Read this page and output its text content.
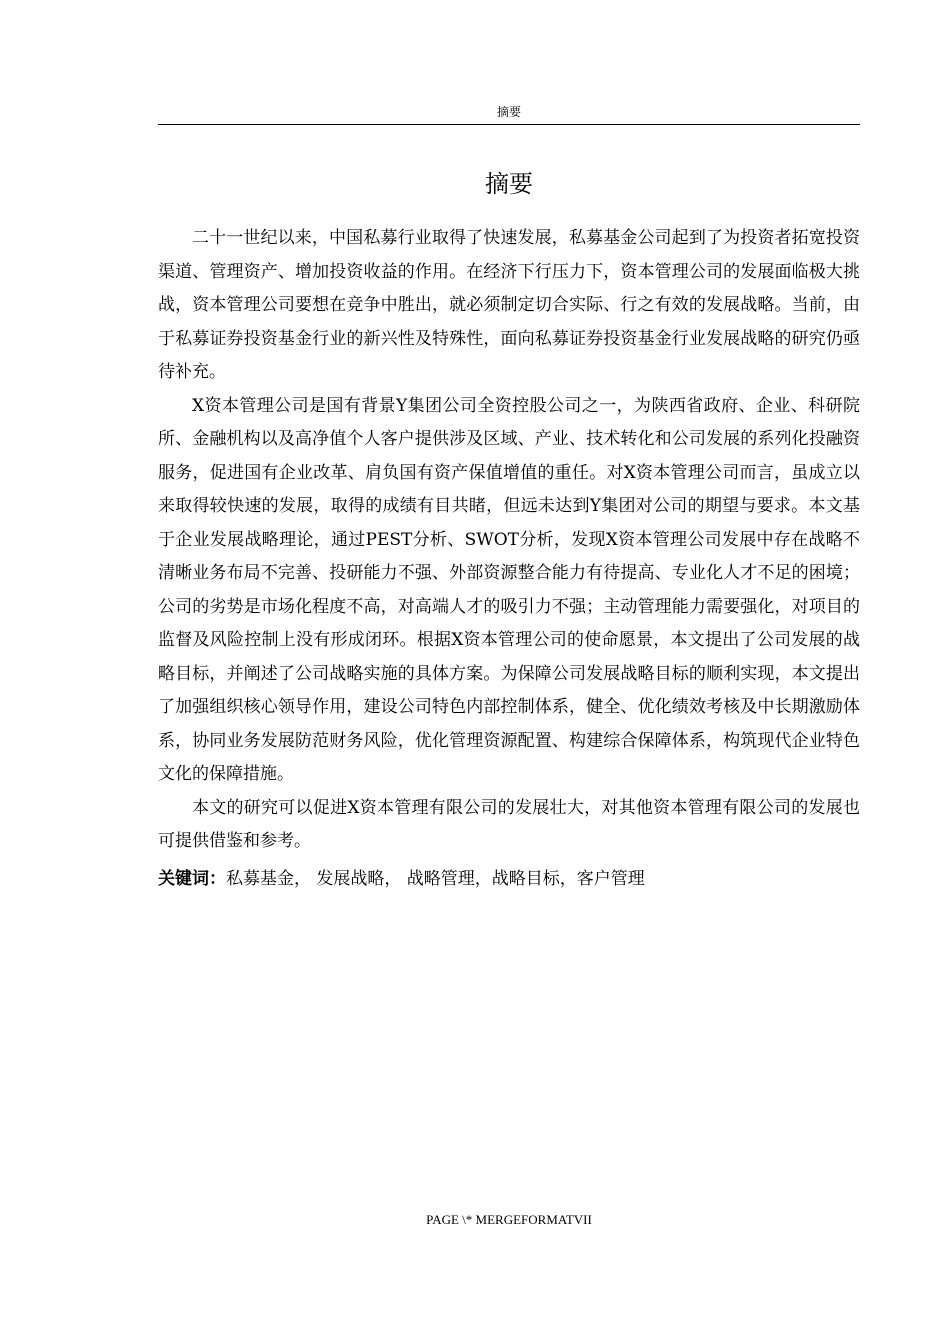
摘要
摘要

二十一世纪以来，中国私募行业取得了快速发展，私募基金公司起到了为投资者拓宽投资渠道、管理资产、增加投资收益的作用。在经济下行压力下，资本管理公司的发展面临极大挑战，资本管理公司要想在竞争中胜出，就必须制定切合实际、行之有效的发展战略。当前，由于私募证券投资基金行业的新兴性及特殊性，面向私募证券投资基金行业发展战略的研究仍亟待补充。

X资本管理公司是国有背景Y集团公司全资控股公司之一，为陕西省政府、企业、科研院所、金融机构以及高净值个人客户提供涉及区域、产业、技术转化和公司发展的系列化投融资服务，促进国有企业改革、肩负国有资产保值增值的重任。对X资本管理公司而言，虽成立以来取得较快速的发展，取得的成绩有目共睹，但远未达到Y集团对公司的期望与要求。本文基于企业发展战略理论，通过PEST分析、SWOT分析，发现X资本管理公司发展中存在战略不清晰业务布局不完善、投研能力不强、外部资源整合能力有待提高、专业化人才不足的困境；公司的劣势是市场化程度不高，对高端人才的吸引力不强；主动管理能力需要强化，对项目的监督及风险控制上没有形成闭环。根据X资本管理公司的使命愿景，本文提出了公司发展的战略目标，并阐述了公司战略实施的具体方案。为保障公司发展战略目标的顺利实现，本文提出了加强组织核心领导作用，建设公司特色内部控制体系，健全、优化绩效考核及中长期激励体系，协同业务发展防范财务风险，优化管理资源配置、构建综合保障体系，构筑现代企业特色文化的保障措施。

本文的研究可以促进X资本管理有限公司的发展壮大，对其他资本管理有限公司的发展也可提供借鉴和参考。

关键词：私募基金， 发展战略， 战略管理，战略目标，客户管理
PAGE \* MERGEFORMATVII
